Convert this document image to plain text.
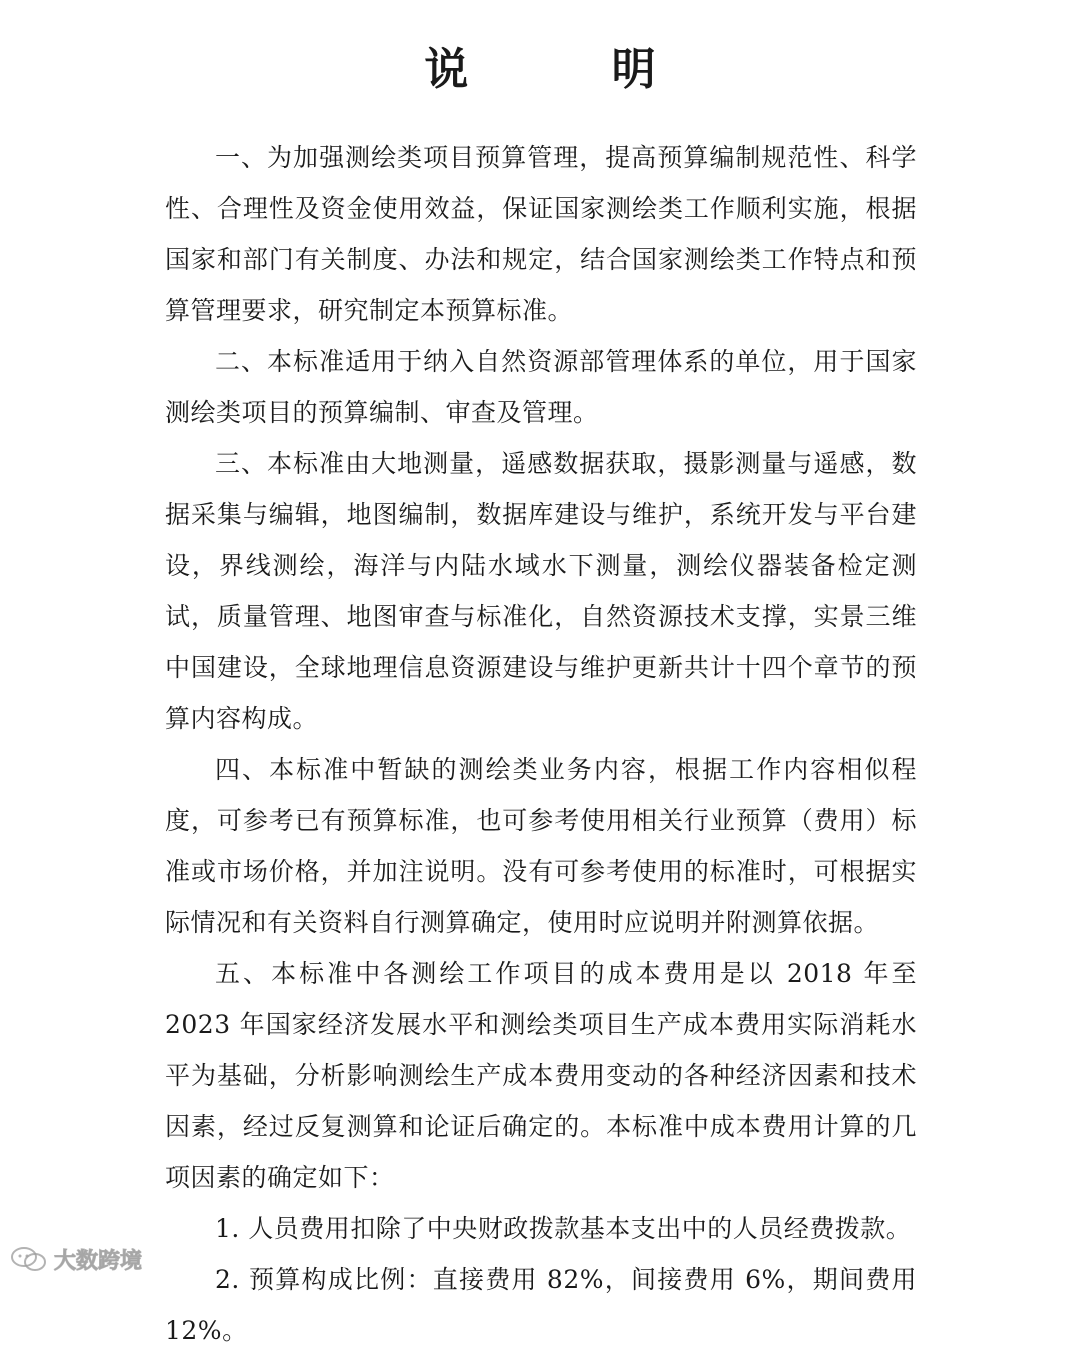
说 明

一、为加强测绘类项目预算管理，提高预算编制规范性、科学性、合理性及资金使用效益，保证国家测绘类工作顺利实施，根据国家和部门有关制度、办法和规定，结合国家测绘类工作特点和预算管理要求，研究制定本预算标准。

二、本标准适用于纳入自然资源部管理体系的单位，用于国家测绘类项目的预算编制、审查及管理。

三、本标准由大地测量，遥感数据获取，摄影测量与遥感，数据采集与编辑，地图编制，数据库建设与维护，系统开发与平台建设，界线测绘，海洋与内陆水域水下测量，测绘仪器装备检定测试，质量管理、地图审查与标准化，自然资源技术支撑，实景三维中国建设，全球地理信息资源建设与维护更新共计十四个章节的预算内容构成。

四、本标准中暂缺的测绘类业务内容，根据工作内容相似程度，可参考已有预算标准，也可参考使用相关行业预算（费用）标准或市场价格，并加注说明。没有可参考使用的标准时，可根据实际情况和有关资料自行测算确定，使用时应说明并附测算依据。

五、本标准中各测绘工作项目的成本费用是以 2018 年至 2023 年国家经济发展水平和测绘类项目生产成本费用实际消耗水平为基础，分析影响测绘生产成本费用变动的各种经济因素和技术因素，经过反复测算和论证后确定的。本标准中成本费用计算的几项因素的确定如下：

1. 人员费用扣除了中央财政拨款基本支出中的人员经费拨款。

2. 预算构成比例：直接费用 82%，间接费用 6%，期间费用 12%。

大数跨境
